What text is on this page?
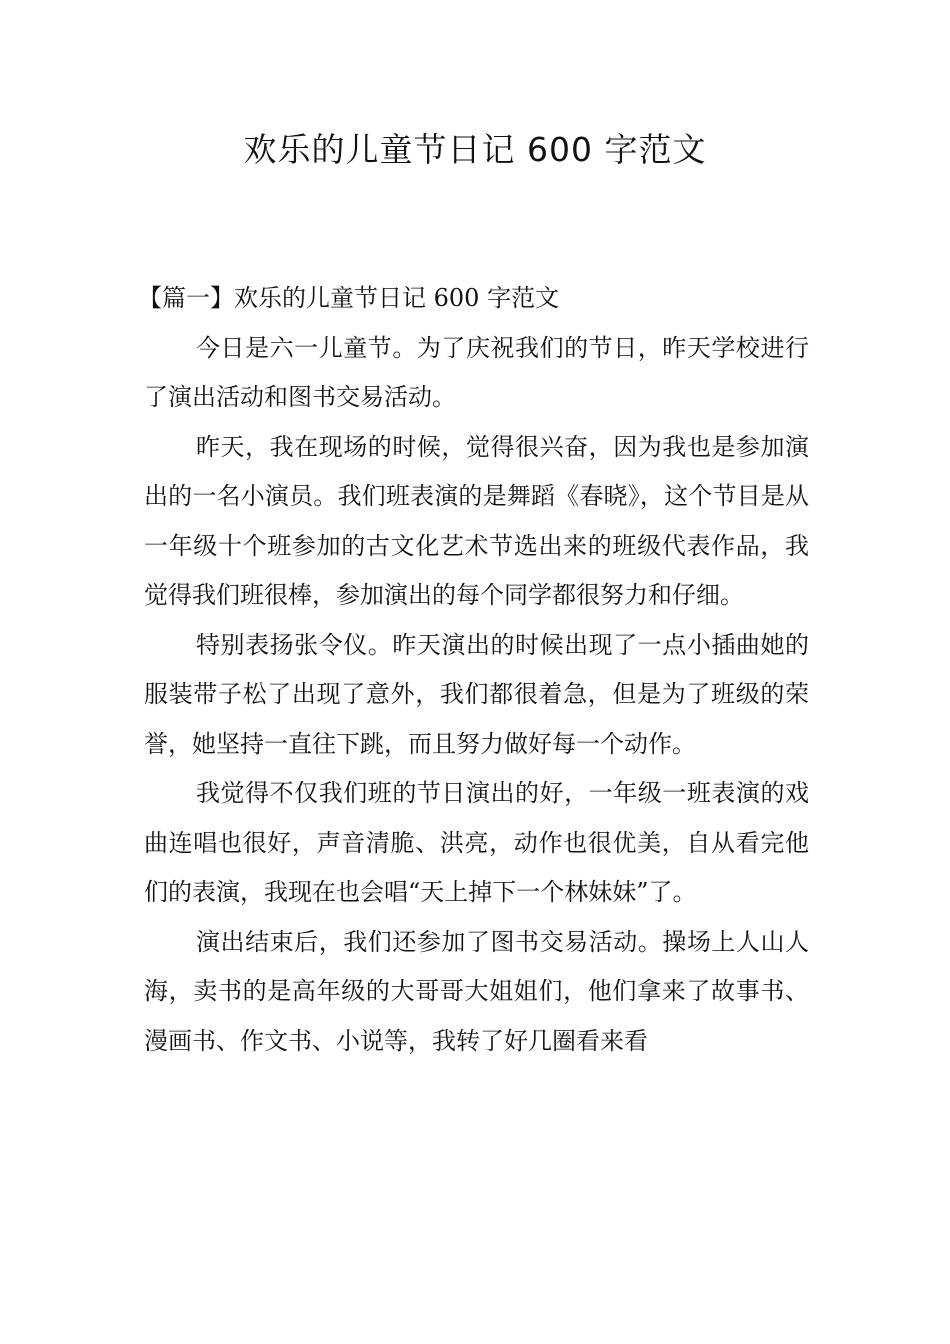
欢乐的儿童节日记 600 字范文

【篇一】欢乐的儿童节日记 600 字范文

今日是六一儿童节。为了庆祝我们的节日，昨天学校进行了演出活动和图书交易活动。

昨天，我在现场的时候，觉得很兴奋，因为我也是参加演出的一名小演员。我们班表演的是舞蹈《春晓》，这个节目是从一年级十个班参加的古文化艺术节选出来的班级代表作品，我觉得我们班很棒，参加演出的每个同学都很努力和仔细。

特别表扬张令仪。昨天演出的时候出现了一点小插曲她的服装带子松了出现了意外，我们都很着急，但是为了班级的荣誉，她坚持一直往下跳，而且努力做好每一个动作。

我觉得不仅我们班的节日演出的好，一年级一班表演的戏曲连唱也很好，声音清脆、洪亮，动作也很优美，自从看完他们的表演，我现在也会唱“天上掉下一个林妹妹”了。

演出结束后，我们还参加了图书交易活动。操场上人山人海，卖书的是高年级的大哥哥大姐姐们，他们拿来了故事书、漫画书、作文书、小说等，我转了好几圈看来看
